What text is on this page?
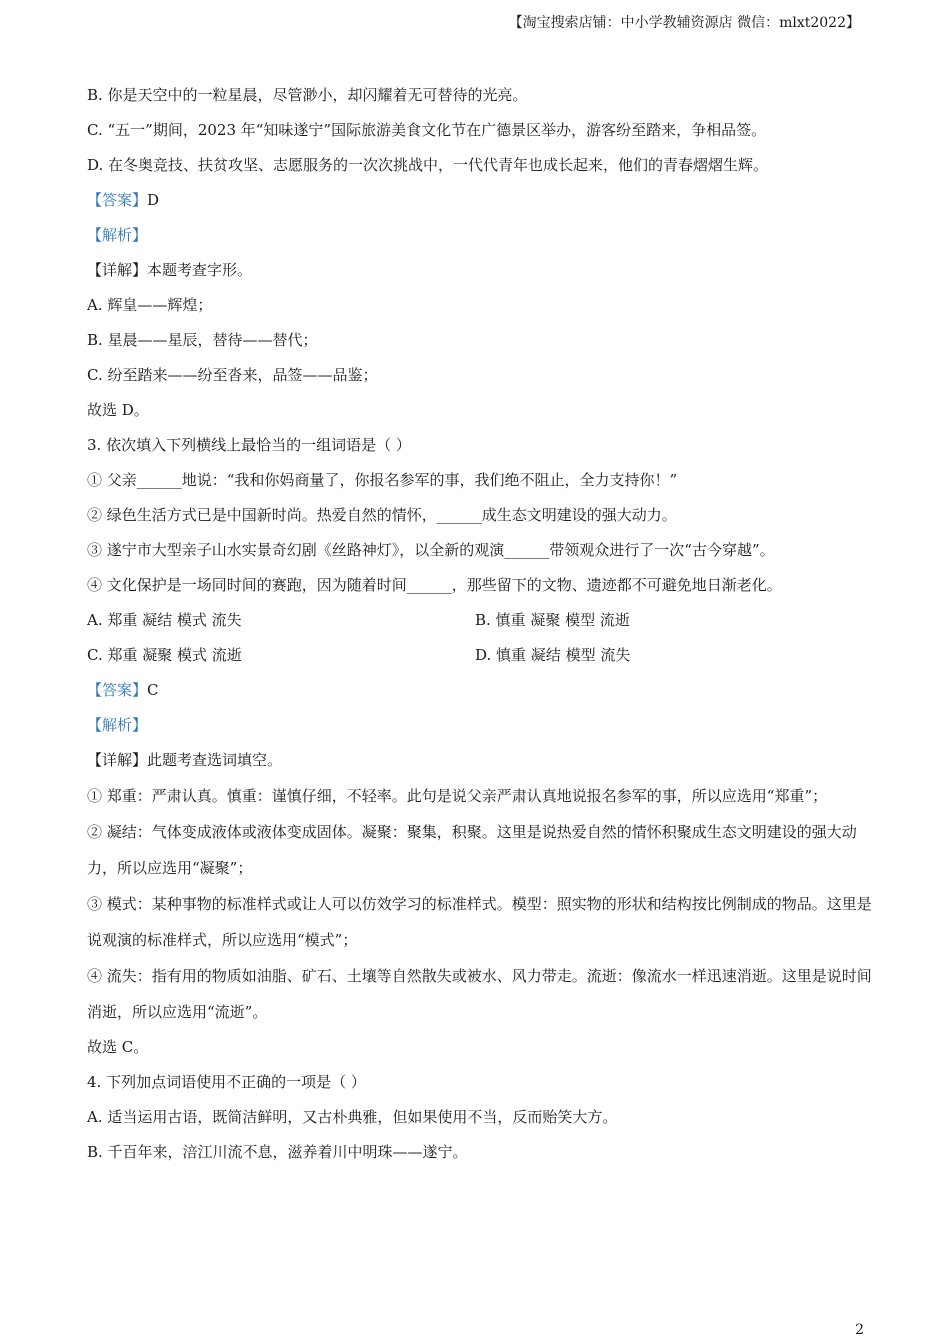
【淘宝搜索店铺：中小学教辅资源店 微信：mlxt2022】
B. 你是天空中的一粒星晨，尽管渺小，却闪耀着无可替待的光亮。
C. “五一”期间，2023 年“知味遂宁”国际旅游美食文化节在广德景区举办，游客纷至踏来，争相品签。
D. 在冬奥竞技、扶贫攻坚、志愿服务的一次次挑战中，一代代青年也成长起来，他们的青春熠熠生辉。
【答案】D
【解析】
【详解】本题考查字形。
A. 辉皇——辉煌；
B. 星晨——星辰，替待——替代；
C. 纷至踏来——纷至沓来，品签——品鉴；
故选 D。
3. 依次填入下列横线上最恰当的一组词语是（ ）
① 父亲______地说：“我和你妈商量了，你报名参军的事，我们绝不阻止，全力支持你！”
② 绿色生活方式已是中国新时尚。热爱自然的情怀，______成生态文明建设的强大动力。
③ 遂宁市大型亲子山水实景奇幻剧《丝路神灯》，以全新的观演______带领观众进行了一次“古今穿越”。
④ 文化保护是一场同时间的赛跑，因为随着时间______，那些留下的文物、遗迹都不可避免地日渐老化。
A. 郑重 凝结 模式 流失	B. 慎重 凝聚 模型 流逝
C. 郑重 凝聚 模式 流逝	D. 慎重 凝结 模型 流失
【答案】C
【解析】
【详解】此题考查选词填空。
① 郑重：严肃认真。慎重：谨慎仔细，不轻率。此句是说父亲严肃认真地说报名参军的事，所以应选用“郑重”；
② 凝结：气体变成液体或液体变成固体。凝聚：聚集，积聚。这里是说热爱自然的情怀积聚成生态文明建设的强大动力，所以应选用“凝聚”；
③ 模式：某种事物的标准样式或让人可以仿效学习的标准样式。模型：照实物的形状和结构按比例制成的物品。这里是说观演的标准样式，所以应选用“模式”；
④ 流失：指有用的物质如油脂、矿石、土壤等自然散失或被水、风力带走。流逝：像流水一样迅速消逝。这里是说时间消逝，所以应选用“流逝”。
故选 C。
4. 下列加点词语使用不正确的一项是（ ）
A. 适当运用古语，既简洁鲜明，又古朴典雅，但如果使用不当，反而贻笑大方。
B. 千百年来，涪江川流不息，滋养着川中明珠——遂宁。
2
